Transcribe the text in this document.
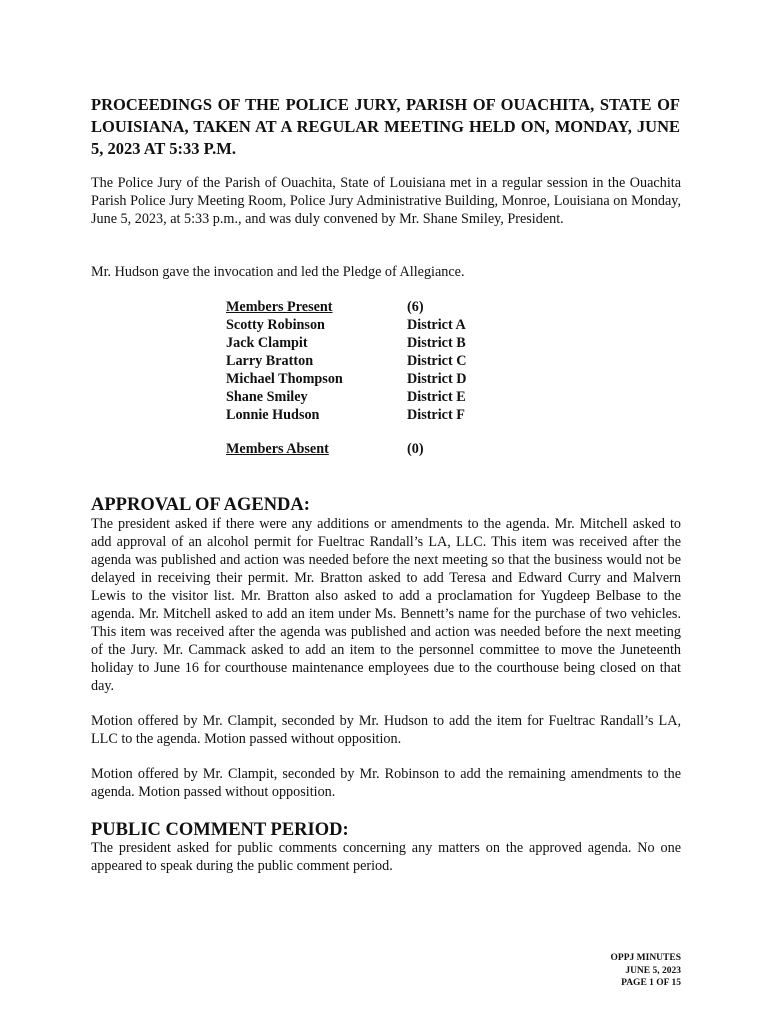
PROCEEDINGS OF THE POLICE JURY, PARISH OF OUACHITA, STATE OF LOUISIANA, TAKEN AT A REGULAR MEETING HELD ON, MONDAY, JUNE 5, 2023 AT 5:33 P.M.

The Police Jury of the Parish of Ouachita, State of Louisiana met in a regular session in the Ouachita Parish Police Jury Meeting Room, Police Jury Administrative Building, Monroe, Louisiana on Monday, June 5, 2023, at 5:33 p.m., and was duly convened by Mr. Shane Smiley, President.

Mr. Hudson gave the invocation and led the Pledge of Allegiance.

Members Present	(6)
Scotty Robinson	District A
Jack Clampit	District B
Larry Bratton	District C
Michael Thompson	District D
Shane Smiley	District E
Lonnie Hudson	District F
Members Absent	(0)
APPROVAL OF AGENDA:

The president asked if there were any additions or amendments to the agenda. Mr. Mitchell asked to add approval of an alcohol permit for Fueltrac Randall’s LA, LLC. This item was received after the agenda was published and action was needed before the next meeting so that the business would not be delayed in receiving their permit. Mr. Bratton asked to add Teresa and Edward Curry and Malvern Lewis to the visitor list. Mr. Bratton also asked to add a proclamation for Yugdeep Belbase to the agenda. Mr. Mitchell asked to add an item under Ms. Bennett’s name for the purchase of two vehicles. This item was received after the agenda was published and action was needed before the next meeting of the Jury. Mr. Cammack asked to add an item to the personnel committee to move the Juneteenth holiday to June 16 for courthouse maintenance employees due to the courthouse being closed on that day.

Motion offered by Mr. Clampit, seconded by Mr. Hudson to add the item for Fueltrac Randall’s LA, LLC to the agenda. Motion passed without opposition.

Motion offered by Mr. Clampit, seconded by Mr. Robinson to add the remaining amendments to the agenda. Motion passed without opposition.

PUBLIC COMMENT PERIOD:

The president asked for public comments concerning any matters on the approved agenda. No one appeared to speak during the public comment period.

OPPJ MINUTES
JUNE 5, 2023
PAGE 1 OF 15
